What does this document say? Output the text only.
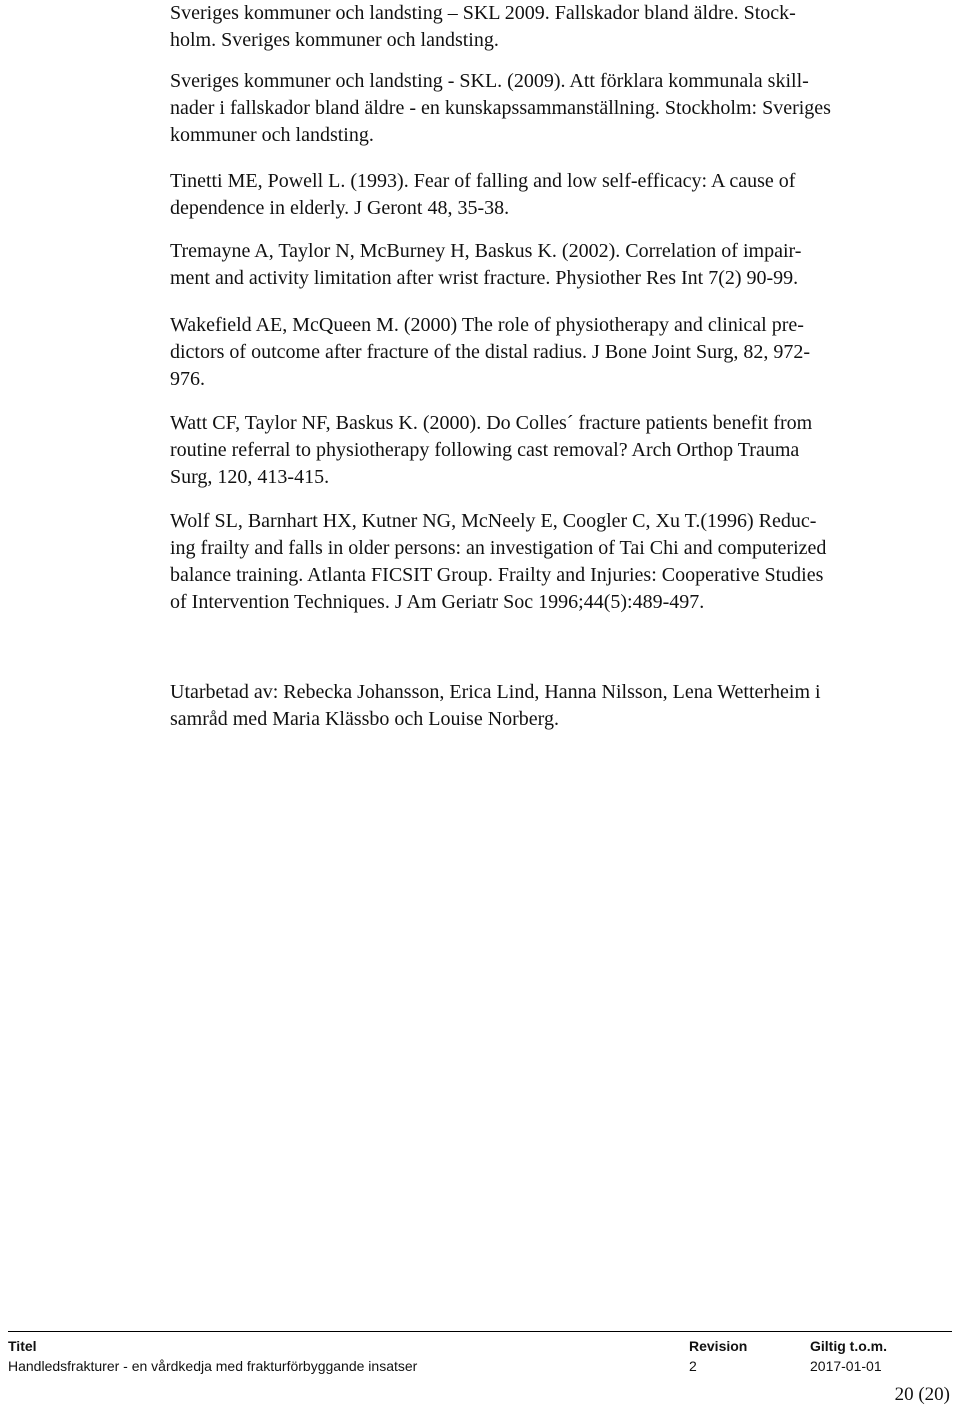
Sveriges kommuner och landsting – SKL 2009. Fallskador bland äldre. Stock-
holm. Sveriges kommuner och landsting.
Sveriges kommuner och landsting - SKL. (2009). Att förklara kommunala skill-
nader i fallskador bland äldre - en kunskapssammanställning. Stockholm: Sveriges
kommuner och landsting.
Tinetti ME, Powell L. (1993). Fear of falling and low self-efficacy: A cause of
dependence in elderly. J Geront 48, 35-38.
Tremayne A, Taylor N, McBurney H, Baskus K. (2002). Correlation of impair-
ment and activity limitation after wrist fracture. Physiother Res Int 7(2) 90-99.
Wakefield AE, McQueen M. (2000) The role of physiotherapy and clinical pre-
dictors of outcome after fracture of the distal radius. J Bone Joint Surg, 82, 972-
976.
Watt CF, Taylor NF, Baskus K. (2000). Do Colles´ fracture patients benefit from
routine referral to physiotherapy following cast removal? Arch Orthop Trauma
Surg, 120, 413-415.
Wolf SL, Barnhart HX, Kutner NG, McNeely E, Coogler C, Xu T.(1996) Reduc-
ing frailty and falls in older persons: an investigation of Tai Chi and computerized
balance training. Atlanta FICSIT Group. Frailty and Injuries: Cooperative Studies
of Intervention Techniques. J Am Geriatr Soc 1996;44(5):489-497.
Utarbetad av: Rebecka Johansson, Erica Lind, Hanna Nilsson, Lena Wetterheim i
samråd med Maria Klässbo och Louise Norberg.
Titel
Handledsfrakturer - en vårdkedja med frakturförbyggande insatser
Revision
2
Giltig t.o.m.
2017-01-01
20 (20)
